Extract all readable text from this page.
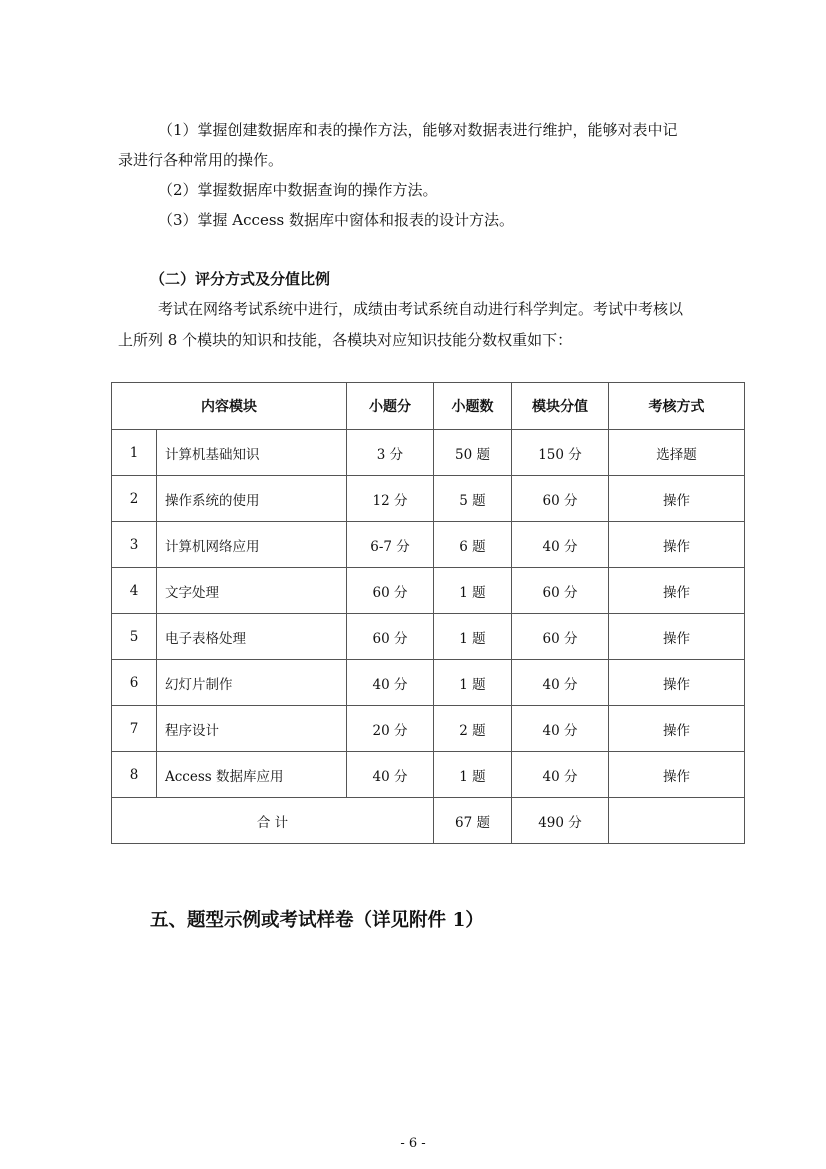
（1）掌握创建数据库和表的操作方法，能够对数据表进行维护，能够对表中记

录进行各种常用的操作。

（2）掌握数据库中数据查询的操作方法。

（3）掌握 Access 数据库中窗体和报表的设计方法。

（二）评分方式及分值比例

考试在网络考试系统中进行，成绩由考试系统自动进行科学判定。考试中考核以

上所列 8 个模块的知识和技能，各模块对应知识技能分数权重如下：

内容模块		小题分	小题数	模块分值	考核方式
1	计算机基础知识	3 分	50 题	150 分	选择题
2	操作系统的使用	12 分	5 题	60 分	操作
3	计算机网络应用	6-7 分	6 题	40 分	操作
4	文字处理	60 分	1 题	60 分	操作
5	电子表格处理	60 分	1 题	60 分	操作
6	幻灯片制作	40 分	1 题	40 分	操作
7	程序设计	20 分	2 题	40 分	操作
8	Access 数据库应用	40 分	1 题	40 分	操作
合 计			67 题	490 分	
五、题型示例或考试样卷（详见附件 1）
- 6 -
